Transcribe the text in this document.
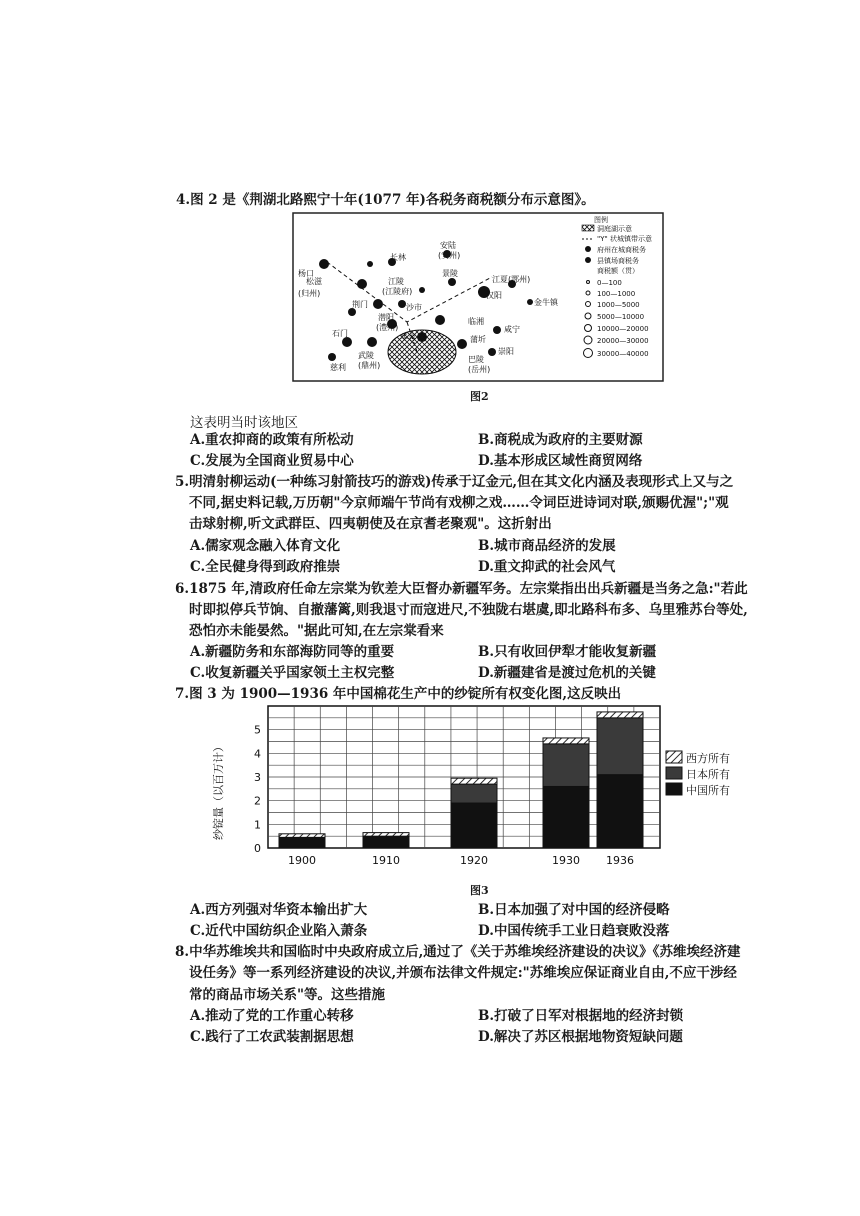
4.图 2 是《荆湖北路熙宁十年(1077 年)各税务商税额分布示意图》。
长林
安陆
(安州)
景陵
江夏(鄂州)
汉阳
金牛镇
松滋	江陵
(江陵府)
沙市
荆门
潜阳
(澧州)
石门	华容
武陵
(鼎州)
巴陵
(岳州)
蒲圻
崇阳
咸宁
临湘
慈利
杨口
(归州)
图例
洞庭湖示意
"Y" 状城镇带示意
府州在城商税务
县镇场商税务
商税额（贯）
0—100
100—1000
1000—5000
5000—10000
10000—20000
20000—30000
30000—40000
图2
这表明当时该地区
A.重农抑商的政策有所松动	B.商税成为政府的主要财源
C.发展为全国商业贸易中心	D.基本形成区域性商贸网络
5.明清射柳运动(一种练习射箭技巧的游戏)传承于辽金元,但在其文化内涵及表现形式上又与之
不同,据史料记载,万历朝"今京师端午节尚有戏柳之戏……令词臣进诗词对联,颁赐优渥";"观
击球射柳,听文武群臣、四夷朝使及在京耆老聚观"。这折射出
A.儒家观念融入体育文化	B.城市商品经济的发展
C.全民健身得到政府推崇	D.重文抑武的社会风气
6.1875 年,清政府任命左宗棠为钦差大臣督办新疆军务。左宗棠指出出兵新疆是当务之急:"若此
时即拟停兵节饷、自撤藩篱,则我退寸而寇进尺,不独陇右堪虞,即北路科布多、乌里雅苏台等处,
恐怕亦未能晏然。"据此可知,在左宗棠看来
A.新疆防务和东部海防同等的重要	B.只有收回伊犁才能收复新疆
C.收复新疆关乎国家领土主权完整	D.新疆建省是渡过危机的关键
7.图 3 为 1900—1936 年中国棉花生产中的纱锭所有权变化图,这反映出
0
1
2
3
4
5
纱锭量（以百万计）
1900	1910	1920	1930 1936
西方所有
日本所有
中国所有
图3
A.西方列强对华资本输出扩大	B.日本加强了对中国的经济侵略
C.近代中国纺织企业陷入萧条	D.中国传统手工业日趋衰败没落
8.中华苏维埃共和国临时中央政府成立后,通过了《关于苏维埃经济建设的决议》《苏维埃经济建
设任务》等一系列经济建设的决议,并颁布法律文件规定:"苏维埃应保证商业自由,不应干涉经
常的商品市场关系"等。这些措施
A.推动了党的工作重心转移	B.打破了日军对根据地的经济封锁
C.践行了工农武装割据思想	D.解决了苏区根据地物资短缺问题
